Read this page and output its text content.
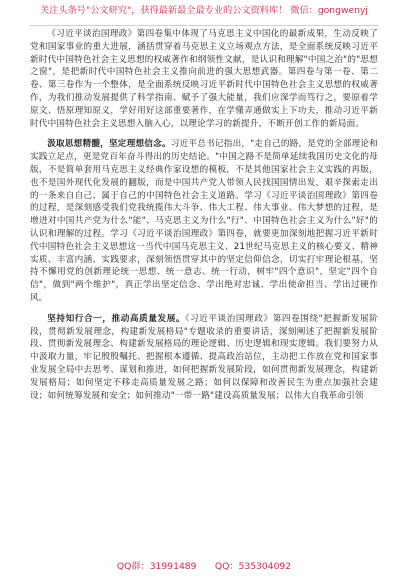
关注头条号"公文研究"，获得最新最全最专业的公文资料库！ 微信：gongwenyj

《习近平谈治国理政》第四卷集中体现了马克思主义中国化的最新成果，生动反映了党和国家事业的重大进展，涵括贯穿着马克思主义立场观点方法，是全面系统反映习近平新时代中国特色社会主义思想的权威著作和纲领性文献，是认识和理解"中国之治"的"思想之窗"，是把新时代中国特色社会主义推向前进的强大思想武器。第四卷与第一卷、第二卷、第三卷作为一个整体，是全面系统反映习近平新时代中国特色社会主义思想的权威著作，为我们推动发展提供了科学指南、赋予了强大能量，我们应深学而笃行之，要原着学原文、悟原理知原义，学好用好这部重要著作，在学懂弄通做实上下功夫，推动习近平新时代中国特色社会主义思想入脑入心，以理论学习的新提升，不断开创工作的新局面。

汲取思想精髓，坚定理想信念。习近平总书记指出，"走自己的路，是党的全部理论和实践立足点，更是党百年奋斗得出的历史结论。"中国之路不是简单延续我国历史文化的母版，不是简单套用马克思主义经典作家设想的模板，不是其他国家社会主义实践的再版，也不是国外现代化发展的翻版，而是中国共产党人带领人民找国国情出发，艰辛探索走出的一条来自自己、属于自己的中国特色社会主义道路。学习《习近平谈治国理政》第四卷的过程，是深刻感受我们党我统揽伟大斗争、伟大工程、伟大事业、伟大梦想的过程，是增进对中国共产党为什么"能"、马克思主义为什么"行"、中国特色社会主义为什么"好"的认识和理解的过程。学习《习近平谈治国理政》第四卷，就要更加深刻地把握习近平新时代中国特色社会主义思想这一当代中国马克思主义、21世纪马克思主义的核心要义、精神实质、丰富内涵、实践要求，深刻领悟贯穿其中的坚定信仰信念，切实打牢理论根基，坚持不懈用党的创新理论统一思想、统一意志、统一行动，树牢"四个意识"，坚定"四个自信"，做到"两个维护"，真正学出坚定信念、学出绝对忠诚、学出使命担当、学出过硬作风。

坚持知行合一，推动高质量发展。《习近平谈治国理政》第四卷围绕"把握新发展阶段，贯彻新发展理念，构建新发展格局"专题收录的重要讲话，深刻阐述了把握新发展阶段、贯彻新发展理念、构建新发展格局的理论逻辑、历史逻辑和现实逻辑。我们要努力从中汲取力量，牢记殷殷嘱托、把握根本遵循、提高政治站位，主动把工作放在党和国家事业发展全局中去思考、谋划和推进，如何把握新发展阶段，如何贯彻新发展理念，构建新发展格局；如何坚定不移走高质量发展之路；如何以保障和改善民生为重点加强社会建设；如何统筹发展和安全；如何推动"一带一路"建设高质量发展；以伟大自我革命引领

QQ群：31991489　　QQ：535304092
